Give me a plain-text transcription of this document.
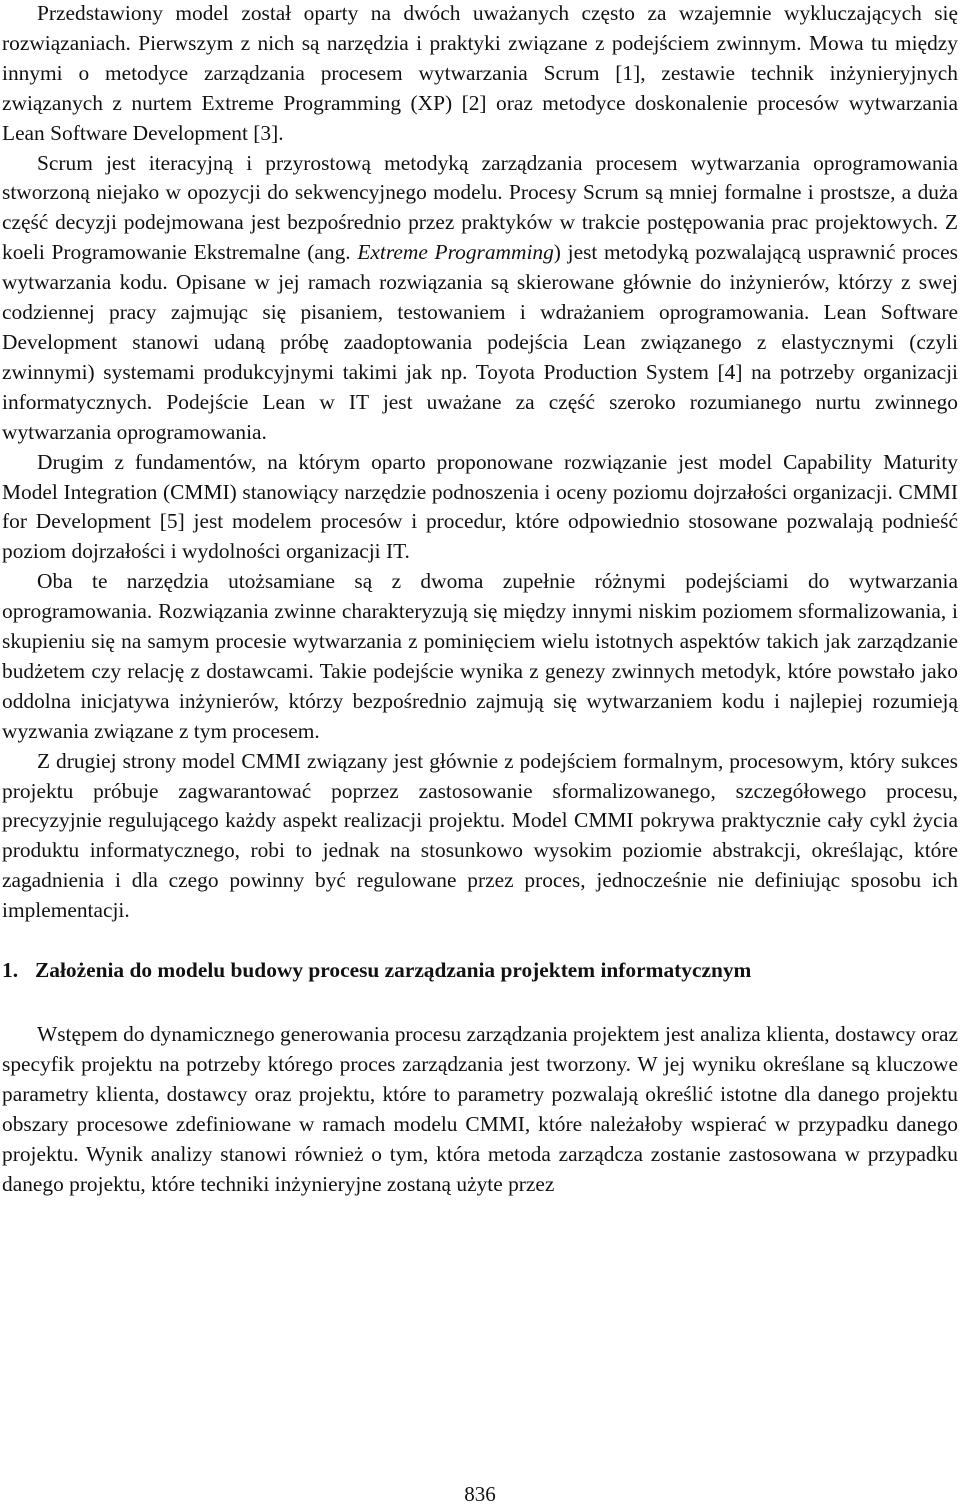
Przedstawiony model został oparty na dwóch uważanych często za wzajemnie wykluczających się rozwiązaniach. Pierwszym z nich są narzędzia i praktyki związane z podejściem zwinnym. Mowa tu między innymi o metodyce zarządzania procesem wytwarzania Scrum [1], zestawie technik inżynieryjnych związanych z nurtem Extreme Programming (XP) [2] oraz metodyce doskonalenie procesów wytwarzania Lean Software Development [3].

Scrum jest iteracyjną i przyrostową metodyką zarządzania procesem wytwarzania oprogramowania stworzoną niejako w opozycji do sekwencyjnego modelu. Procesy Scrum są mniej formalne i prostsze, a duża część decyzji podejmowana jest bezpośrednio przez praktyków w trakcie postępowania prac projektowych. Z koeli Programowanie Ekstremalne (ang. Extreme Programming) jest metodyką pozwalającą usprawnić proces wytwarzania kodu. Opisane w jej ramach rozwiązania są skierowane głównie do inżynierów, którzy z swej codziennej pracy zajmując się pisaniem, testowaniem i wdrażaniem oprogramowania. Lean Software Development stanowi udaną próbę zaadoptowania podejścia Lean związanego z elastycznymi (czyli zwinnymi) systemami produkcyjnymi takimi jak np. Toyota Production System [4] na potrzeby organizacji informatycznych. Podejście Lean w IT jest uważane za część szeroko rozumianego nurtu zwinnego wytwarzania oprogramowania.

Drugim z fundamentów, na którym oparto proponowane rozwiązanie jest model Capability Maturity Model Integration (CMMI) stanowiący narzędzie podnoszenia i oceny poziomu dojrzałości organizacji. CMMI for Development [5] jest modelem procesów i procedur, które odpowiednio stosowane pozwalają podnieść poziom dojrzałości i wydolności organizacji IT.

Oba te narzędzia utożsamiane są z dwoma zupełnie różnymi podejściami do wytwarzania oprogramowania. Rozwiązania zwinne charakteryzują się między innymi niskim poziomem sformalizowania, i skupieniu się na samym procesie wytwarzania z pominięciem wielu istotnych aspektów takich jak zarządzanie budżetem czy relację z dostawcami. Takie podejście wynika z genezy zwinnych metodyk, które powstało jako oddolna inicjatywa inżynierów, którzy bezpośrednio zajmują się wytwarzaniem kodu i najlepiej rozumieją wyzwania związane z tym procesem.

Z drugiej strony model CMMI związany jest głównie z podejściem formalnym, procesowym, który sukces projektu próbuje zagwarantować poprzez zastosowanie sformalizowanego, szczegółowego procesu, precyzyjnie regulującego każdy aspekt realizacji projektu. Model CMMI pokrywa praktycznie cały cykl życia produktu informatycznego, robi to jednak na stosunkowo wysokim poziomie abstrakcji, określając, które zagadnienia i dla czego powinny być regulowane przez proces, jednocześnie nie definiując sposobu ich implementacji.

1. Założenia do modelu budowy procesu zarządzania projektem informatycznym

Wstępem do dynamicznego generowania procesu zarządzania projektem jest analiza klienta, dostawcy oraz specyfik projektu na potrzeby którego proces zarządzania jest tworzony. W jej wyniku określane są kluczowe parametry klienta, dostawcy oraz projektu, które to parametry pozwalają określić istotne dla danego projektu obszary procesowe zdefiniowane w ramach modelu CMMI, które należałoby wspierać w przypadku danego projektu. Wynik analizy stanowi również o tym, która metoda zarządcza zostanie zastosowana w przypadku danego projektu, które techniki inżynieryjne zostaną użyte przez

836
